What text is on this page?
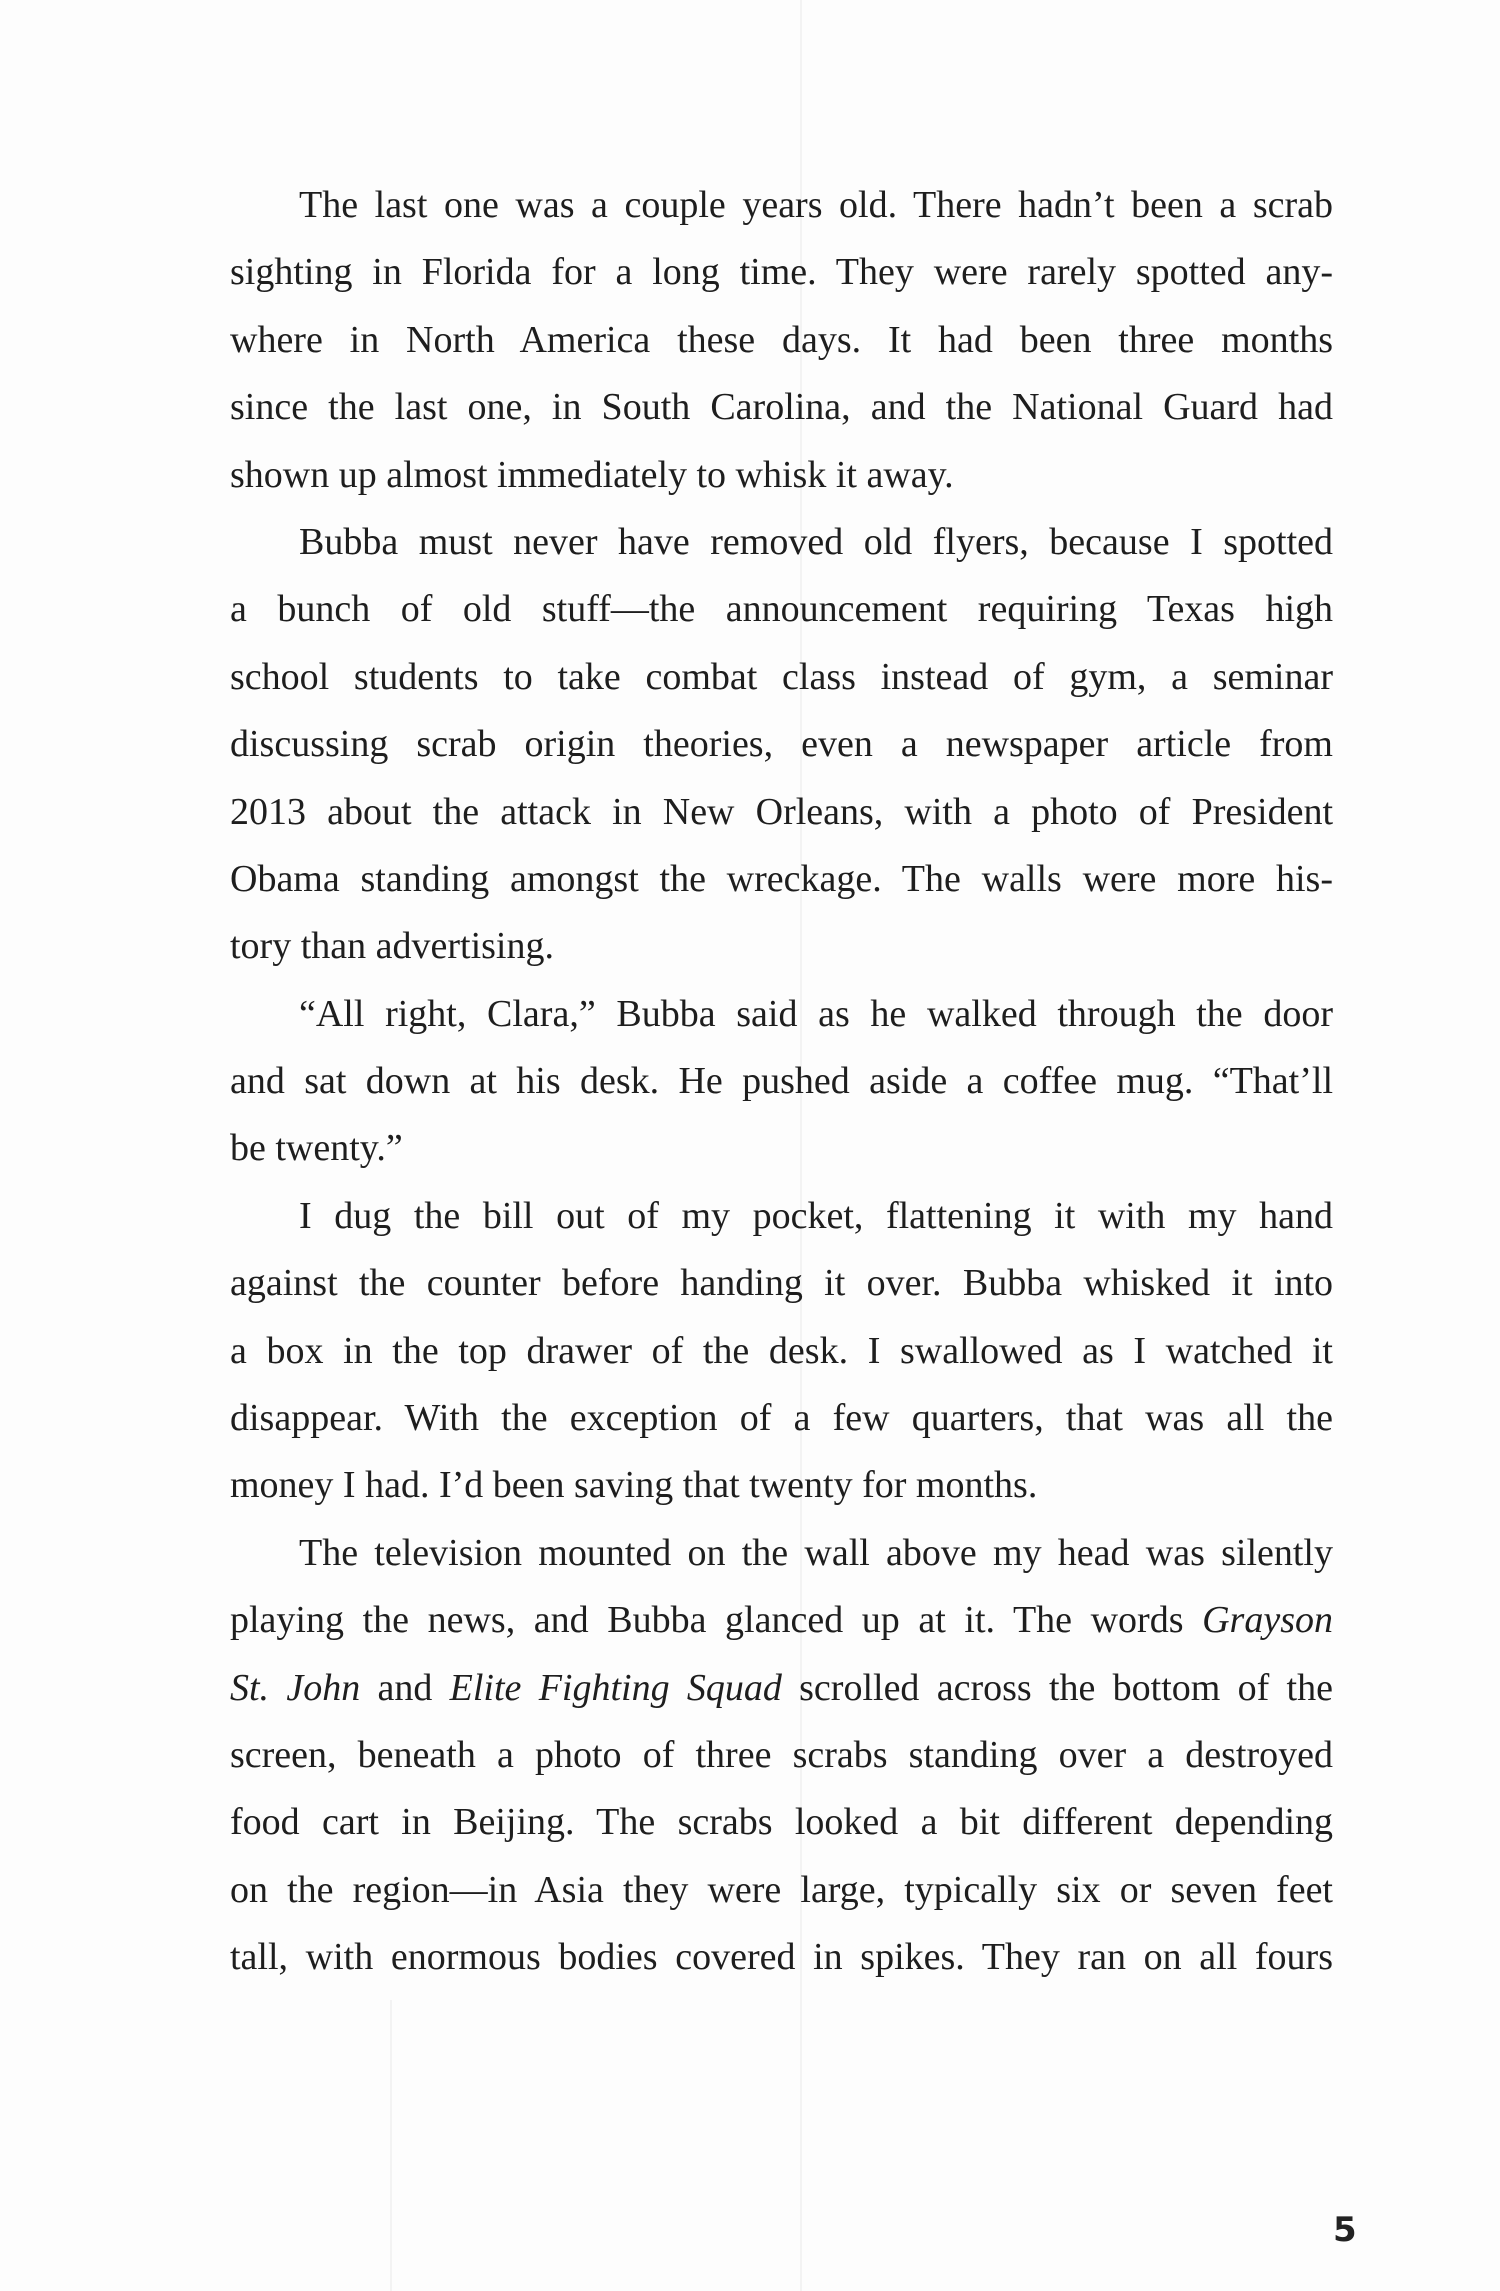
The last one was a couple years old. There hadn’t been a scrab
sighting in Florida for a long time. They were rarely spotted any-
where in North America these days. It had been three months
since the last one, in South Carolina, and the National Guard had
shown up almost immediately to whisk it away.
Bubba must never have removed old flyers, because I spotted
a bunch of old stuff—the announcement requiring Texas high
school students to take combat class instead of gym, a seminar
discussing scrab origin theories, even a newspaper article from
2013 about the attack in New Orleans, with a photo of President
Obama standing amongst the wreckage. The walls were more his-
tory than advertising.
“All right, Clara,” Bubba said as he walked through the door
and sat down at his desk. He pushed aside a coffee mug. “That’ll
be twenty.”
I dug the bill out of my pocket, flattening it with my hand
against the counter before handing it over. Bubba whisked it into
a box in the top drawer of the desk. I swallowed as I watched it
disappear. With the exception of a few quarters, that was all the
money I had. I’d been saving that twenty for months.
The television mounted on the wall above my head was silently
playing the news, and Bubba glanced up at it. The words Grayson
St. John and Elite Fighting Squad scrolled across the bottom of the
screen, beneath a photo of three scrabs standing over a destroyed
food cart in Beijing. The scrabs looked a bit different depending
on the region—in Asia they were large, typically six or seven feet
tall, with enormous bodies covered in spikes. They ran on all fours
5
